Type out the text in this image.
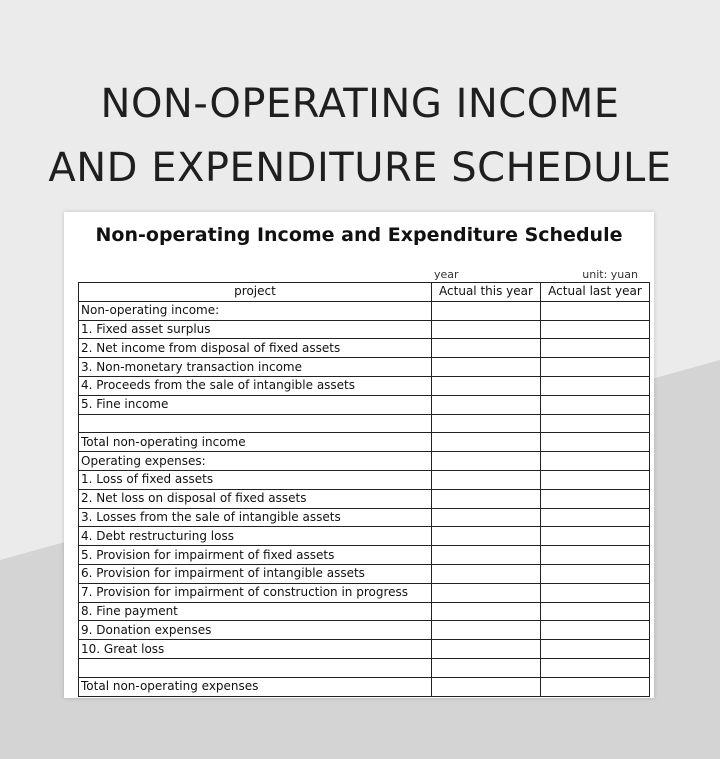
NON-OPERATING INCOME
AND EXPENDITURE SCHEDULE
Non-operating Income and Expenditure Schedule
year	unit: yuan
project	Actual this year	Actual last year
Non-operating income:		
1. Fixed asset surplus		
2. Net income from disposal of fixed assets		
3. Non-monetary transaction income		
4. Proceeds from the sale of intangible assets		
5. Fine income		

Total non-operating income		
Operating expenses:		
1. Loss of fixed assets		
2. Net loss on disposal of fixed assets		
3. Losses from the sale of intangible assets		
4. Debt restructuring loss		
5. Provision for impairment of fixed assets		
6. Provision for impairment of intangible assets		
7. Provision for impairment of construction in progress		
8. Fine payment		
9. Donation expenses		
10. Great loss		

Total non-operating expenses		
